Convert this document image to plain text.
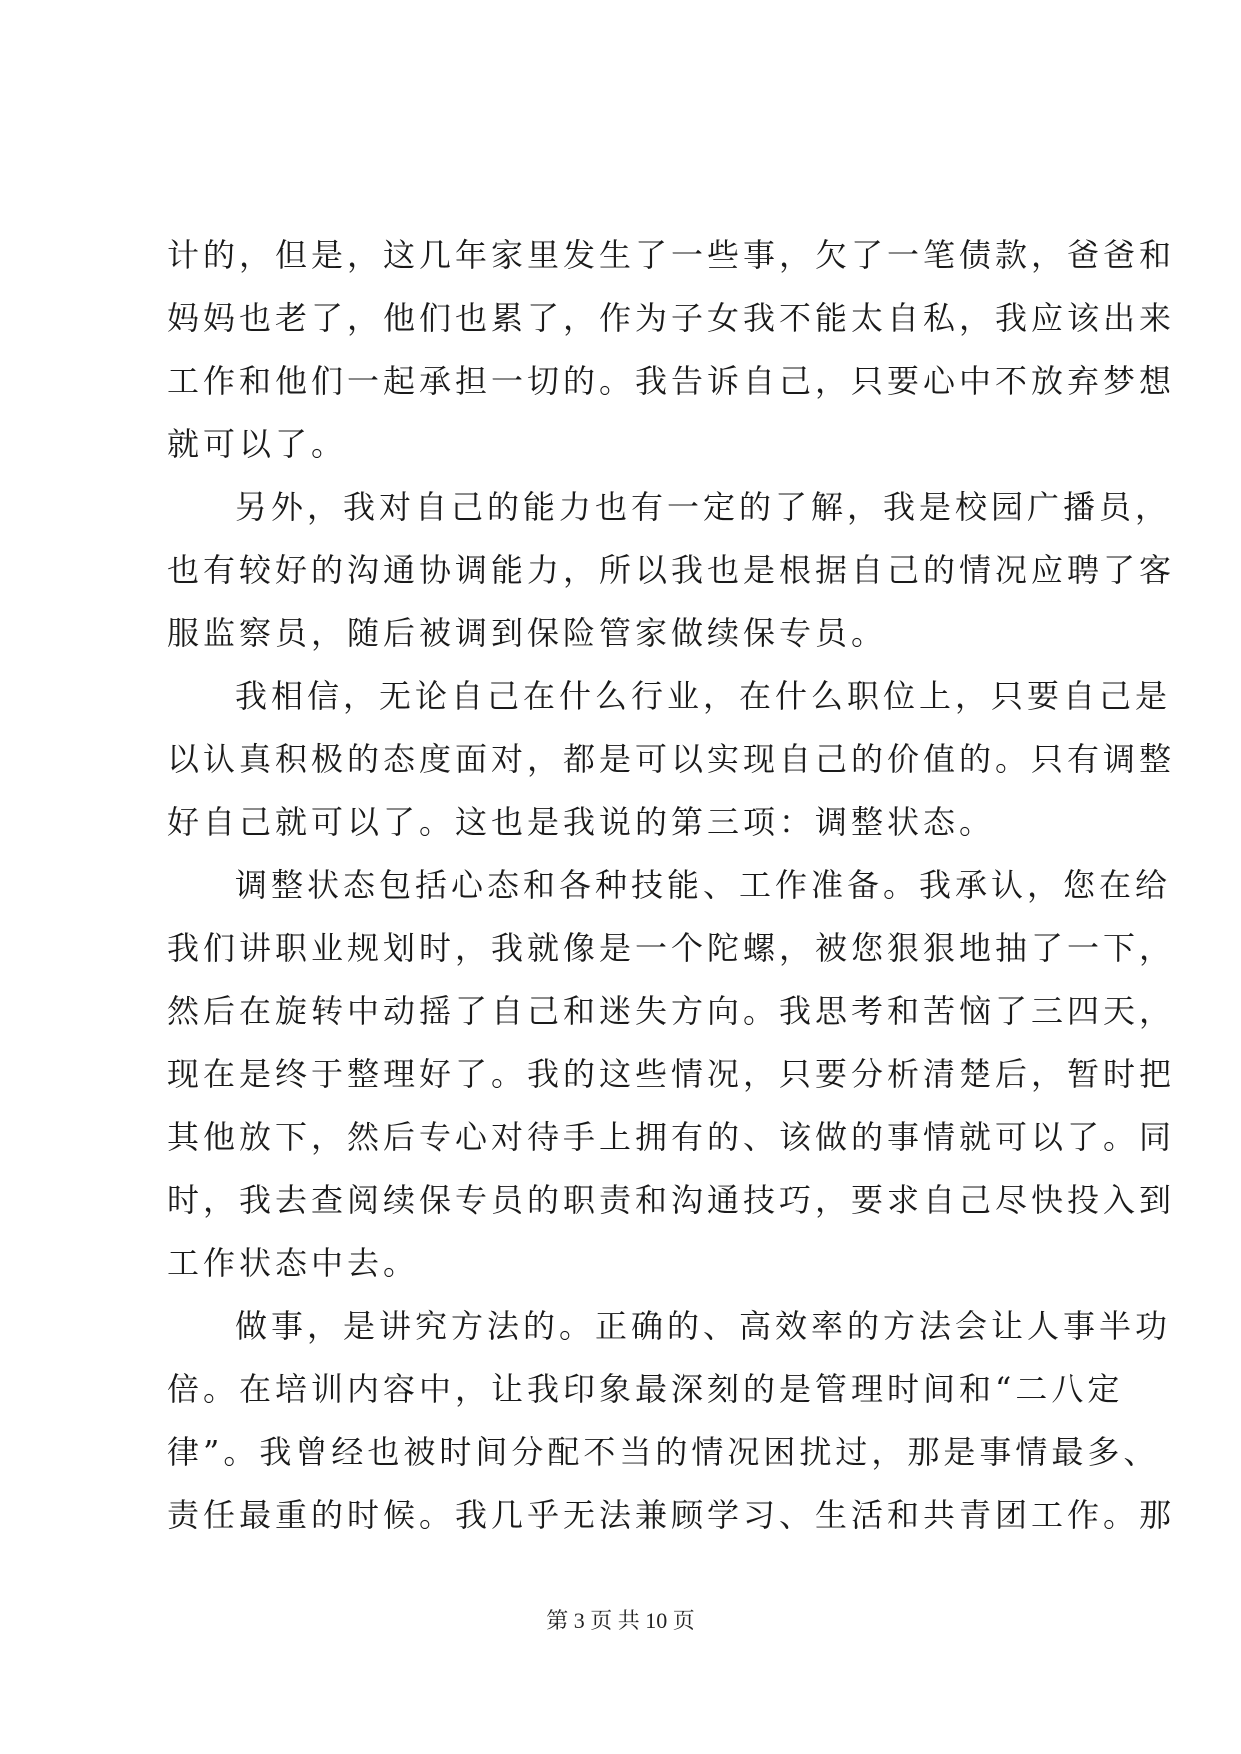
计的，但是，这几年家里发生了一些事，欠了一笔债款，爸爸和
妈妈也老了，他们也累了，作为子女我不能太自私，我应该出来
工作和他们一起承担一切的。我告诉自己，只要心中不放弃梦想
就可以了。

另外，我对自己的能力也有一定的了解，我是校园广播员，
也有较好的沟通协调能力，所以我也是根据自己的情况应聘了客
服监察员，随后被调到保险管家做续保专员。

我相信，无论自己在什么行业，在什么职位上，只要自己是
以认真积极的态度面对，都是可以实现自己的价值的。只有调整
好自己就可以了。这也是我说的第三项：调整状态。

调整状态包括心态和各种技能、工作准备。我承认，您在给
我们讲职业规划时，我就像是一个陀螺，被您狠狠地抽了一下，
然后在旋转中动摇了自己和迷失方向。我思考和苦恼了三四天，
现在是终于整理好了。我的这些情况，只要分析清楚后，暂时把
其他放下，然后专心对待手上拥有的、该做的事情就可以了。同
时，我去查阅续保专员的职责和沟通技巧，要求自己尽快投入到
工作状态中去。

做事，是讲究方法的。正确的、高效率的方法会让人事半功
倍。在培训内容中，让我印象最深刻的是管理时间和“二八定
律”。我曾经也被时间分配不当的情况困扰过，那是事情最多、
责任最重的时候。我几乎无法兼顾学习、生活和共青团工作。那

第 3 页 共 10 页
